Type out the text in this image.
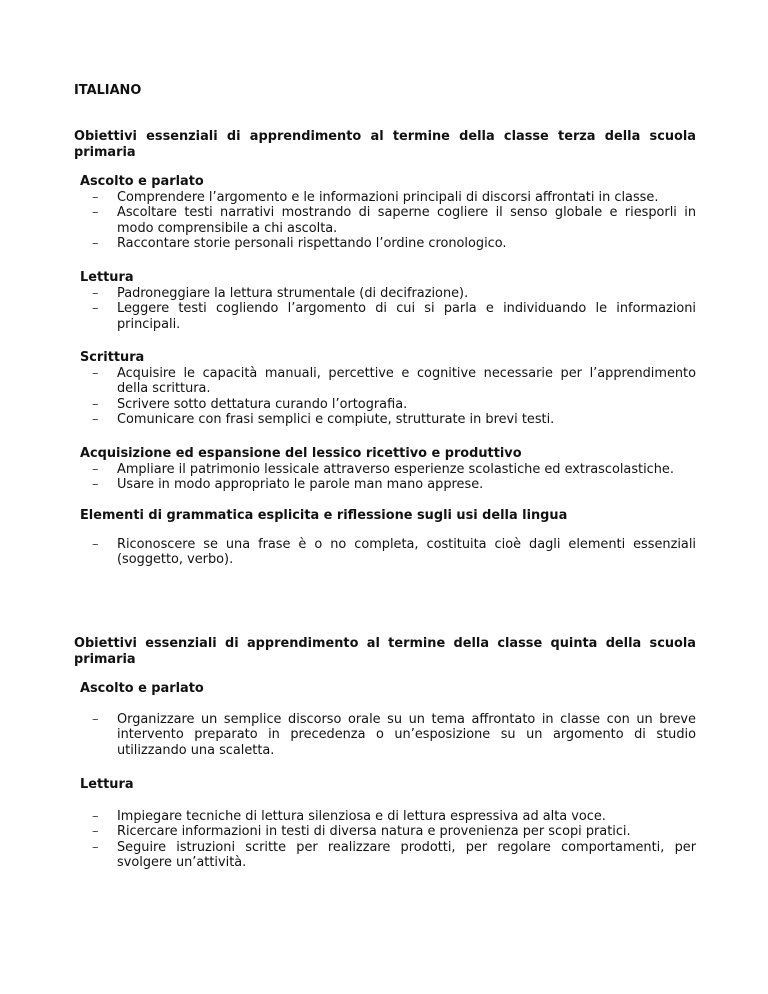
ITALIANO
Obiettivi essenziali di apprendimento al termine della classe terza della scuola primaria
Ascolto e parlato
– Comprendere l’argomento e le informazioni principali di discorsi affrontati in classe.
– Ascoltare testi narrativi mostrando di saperne cogliere il senso globale e riesporli in modo comprensibile a chi ascolta.
– Raccontare storie personali rispettando l’ordine cronologico.
Lettura
– Padroneggiare la lettura strumentale (di decifrazione).
– Leggere testi cogliendo l’argomento di cui si parla e individuando le informazioni principali.
Scrittura
– Acquisire le capacità manuali, percettive e cognitive necessarie per l’apprendimento della scrittura.
– Scrivere sotto dettatura curando l’ortografia.
– Comunicare con frasi semplici e compiute, strutturate in brevi testi.
Acquisizione ed espansione del lessico ricettivo e produttivo
– Ampliare il patrimonio lessicale attraverso esperienze scolastiche ed extrascolastiche.
– Usare in modo appropriato le parole man mano apprese.
Elementi di grammatica esplicita e riflessione sugli usi della lingua
– Riconoscere se una frase è o no completa, costituita cioè dagli elementi essenziali (soggetto, verbo).
Obiettivi essenziali di apprendimento al termine della classe quinta della scuola primaria
Ascolto e parlato
– Organizzare un semplice discorso orale su un tema affrontato in classe con un breve intervento preparato in precedenza o un’esposizione su un argomento di studio utilizzando una scaletta.
Lettura
– Impiegare tecniche di lettura silenziosa e di lettura espressiva ad alta voce.
– Ricercare informazioni in testi di diversa natura e provenienza per scopi pratici.
– Seguire istruzioni scritte per realizzare prodotti, per regolare comportamenti, per svolgere un’attività.
